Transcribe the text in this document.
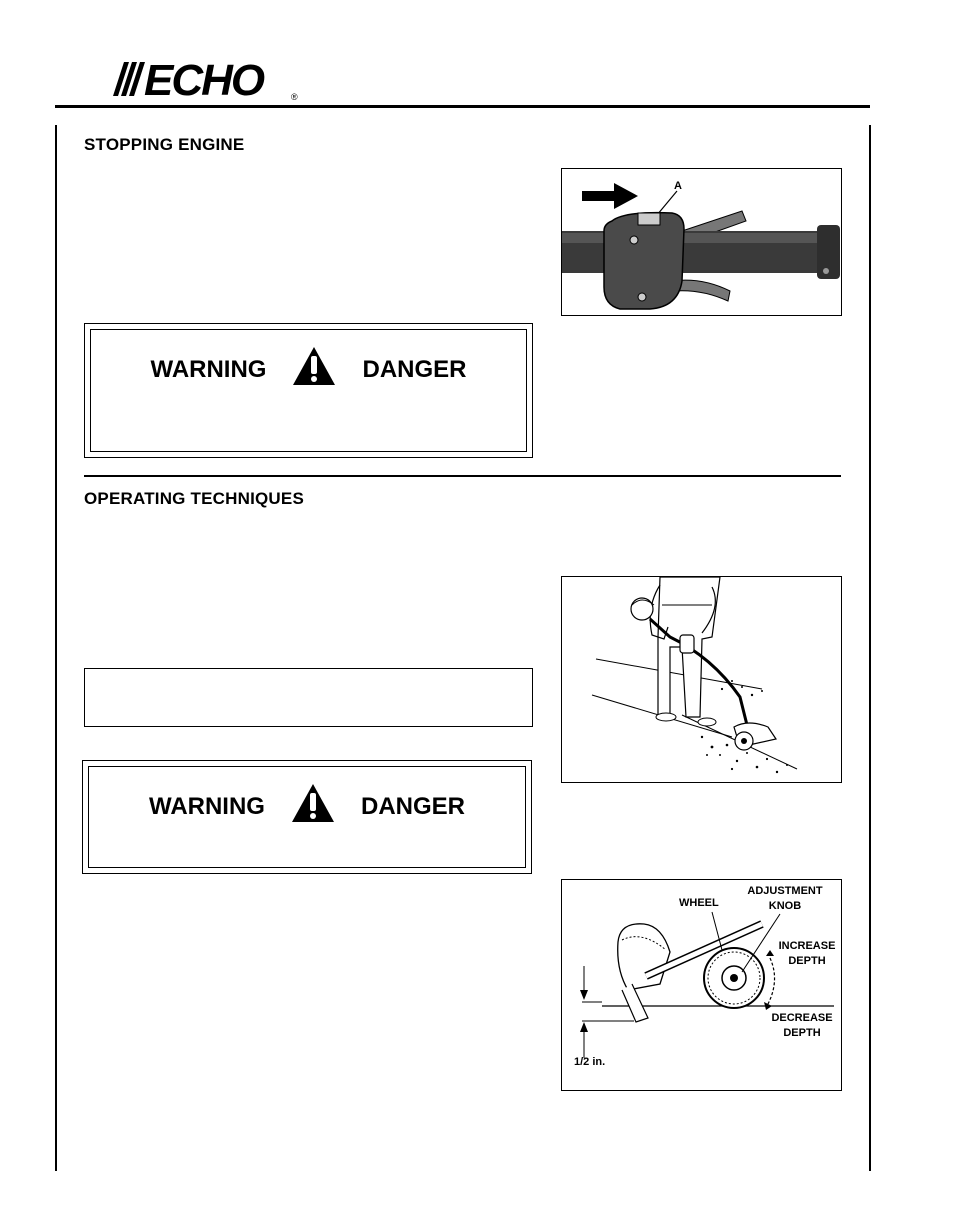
ECHO	®
STOPPING ENGINE
A
WARNING	DANGER
OPERATING TECHNIQUES
WARNING	DANGER
WHEEL
ADJUSTMENT
KNOB
INCREASE
DEPTH
DECREASE
DEPTH
1/2 in.
